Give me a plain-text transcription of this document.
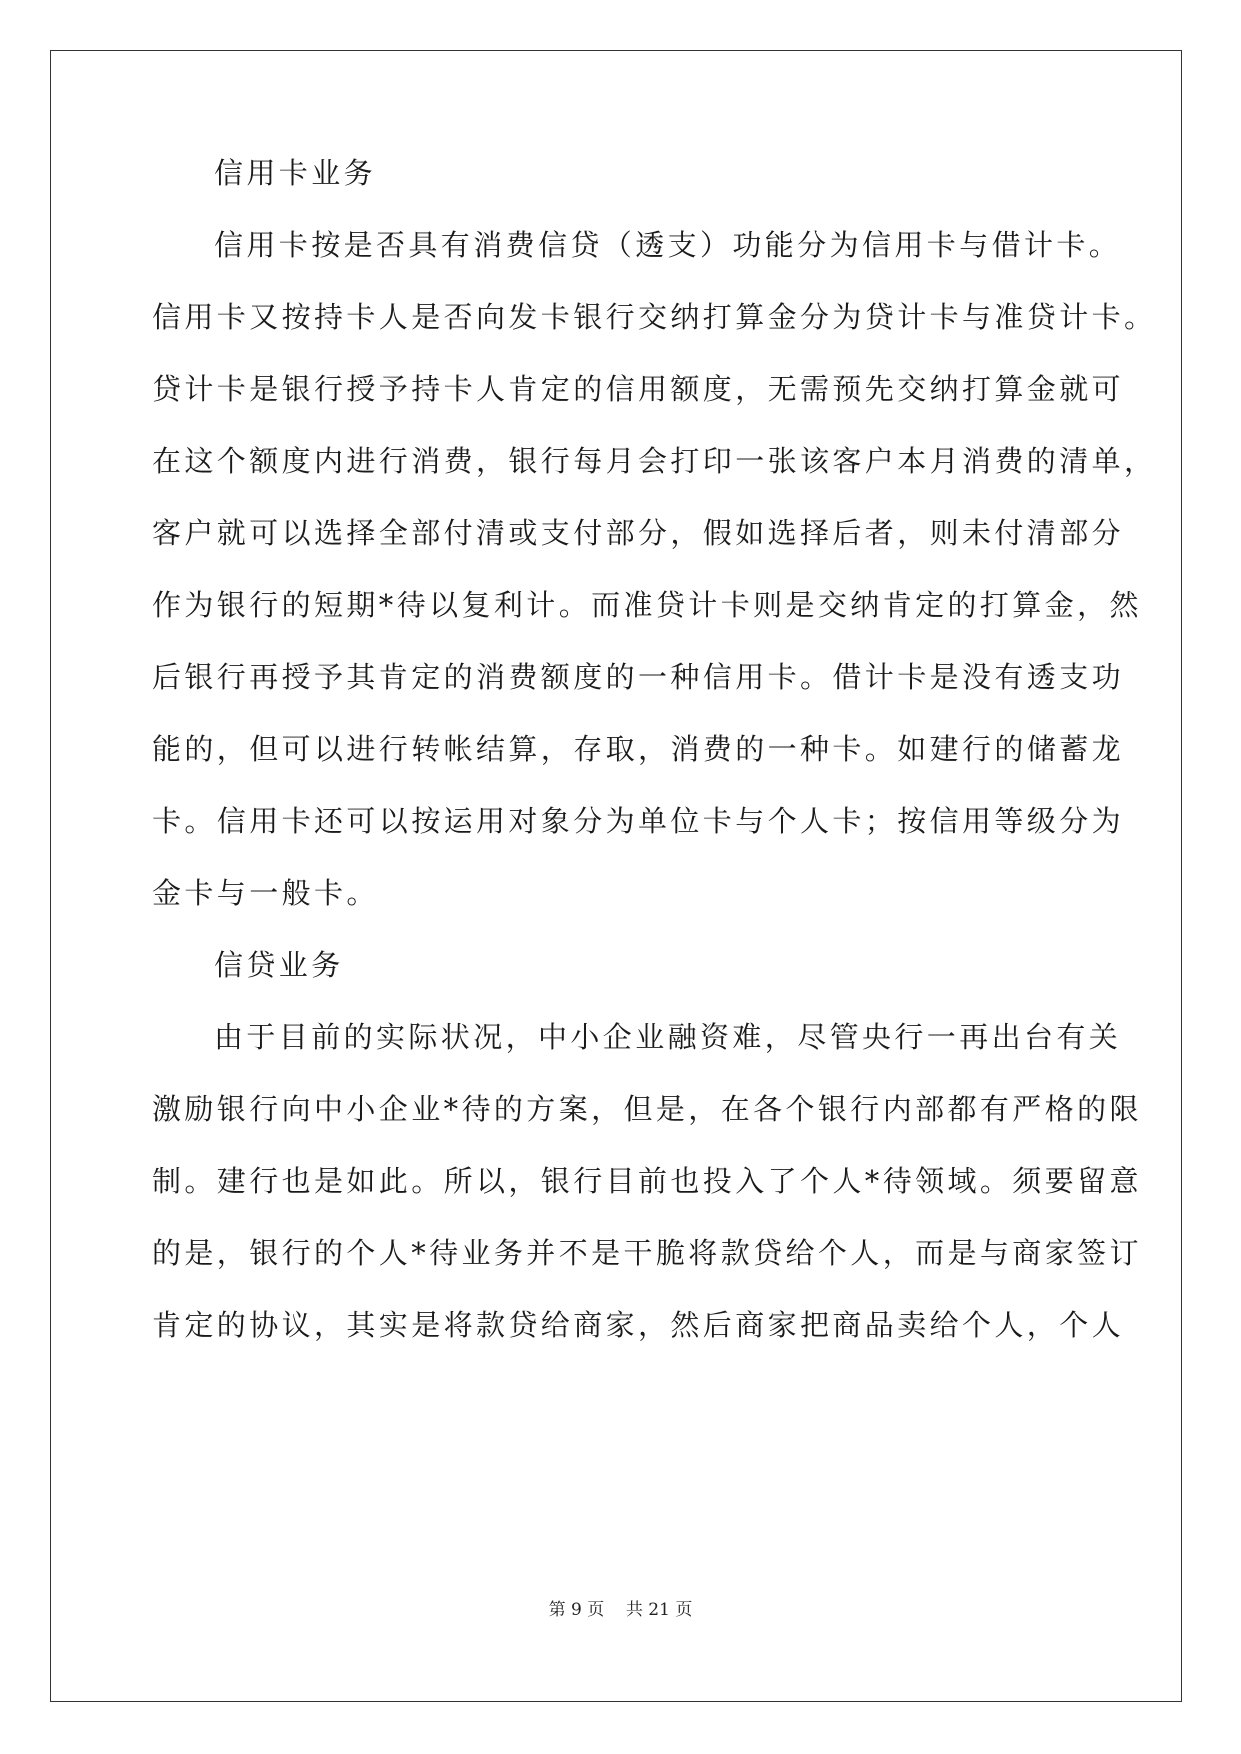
信用卡业务
信用卡按是否具有消费信贷（透支）功能分为信用卡与借计卡。
信用卡又按持卡人是否向发卡银行交纳打算金分为贷计卡与准贷计卡。
贷计卡是银行授予持卡人肯定的信用额度，无需预先交纳打算金就可
在这个额度内进行消费，银行每月会打印一张该客户本月消费的清单，
客户就可以选择全部付清或支付部分，假如选择后者，则未付清部分
作为银行的短期*待以复利计。而准贷计卡则是交纳肯定的打算金，然
后银行再授予其肯定的消费额度的一种信用卡。借计卡是没有透支功
能的，但可以进行转帐结算，存取，消费的一种卡。如建行的储蓄龙
卡。信用卡还可以按运用对象分为单位卡与个人卡；按信用等级分为
金卡与一般卡。
信贷业务
由于目前的实际状况，中小企业融资难，尽管央行一再出台有关
激励银行向中小企业*待的方案，但是，在各个银行内部都有严格的限
制。建行也是如此。所以，银行目前也投入了个人*待领域。须要留意
的是，银行的个人*待业务并不是干脆将款贷给个人，而是与商家签订
肯定的协议，其实是将款贷给商家，然后商家把商品卖给个人，个人
第 9 页    共 21 页
